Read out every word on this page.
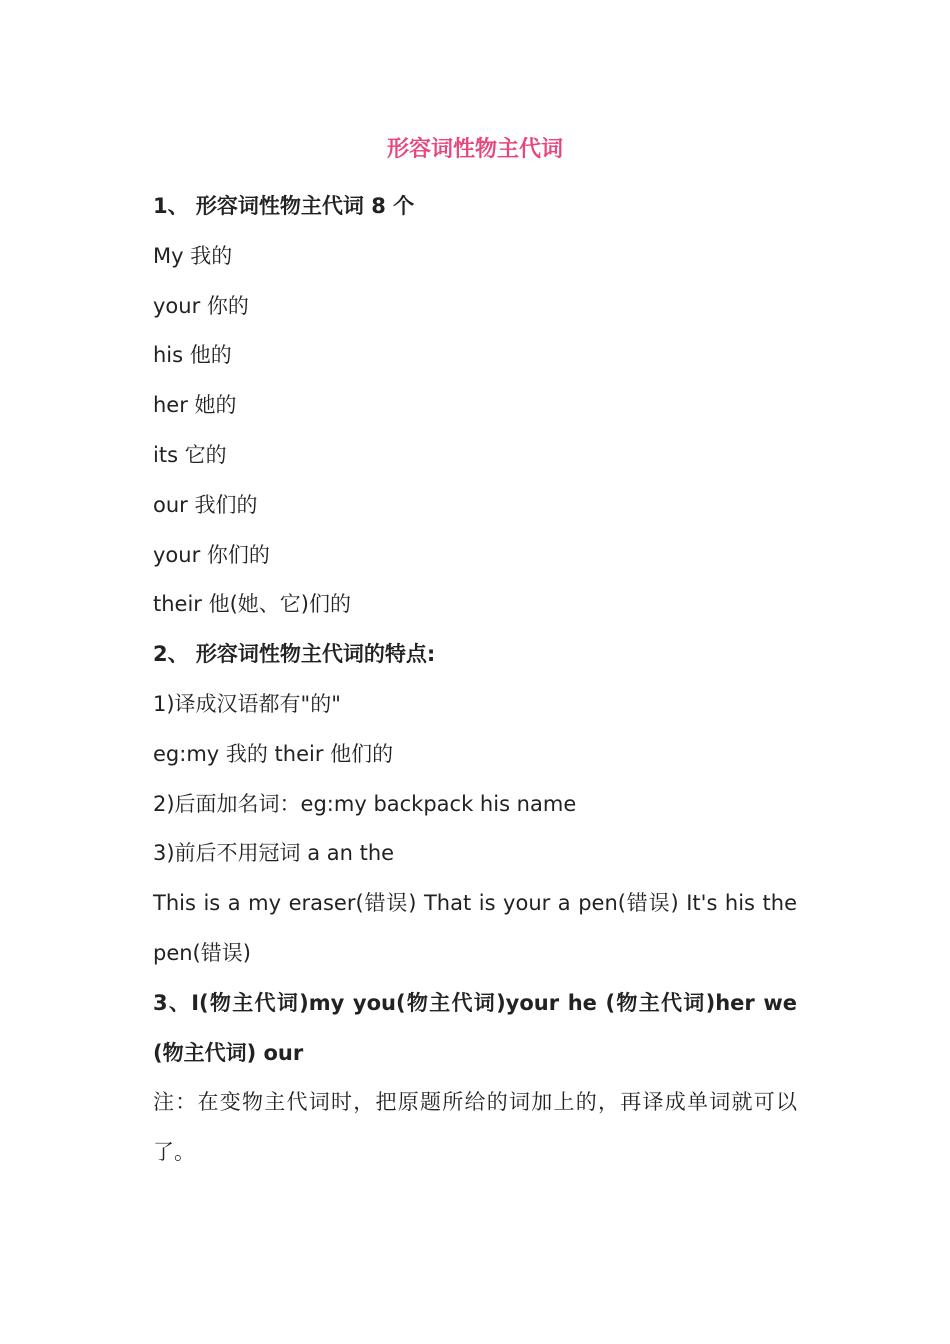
形容词性物主代词

1、 形容词性物主代词 8 个

My 我的

your 你的

his 他的

her 她的

its 它的

our 我们的

your 你们的

their 他(她、它)们的

2、 形容词性物主代词的特点:

1)译成汉语都有"的"

eg:my 我的 their 他们的

2)后面加名词：eg:my backpack his name

3)前后不用冠词 a an the

This is a my eraser(错误) That is your a pen(错误) It's his the pen(错误)

3、I(物主代词)my you(物主代词)your he (物主代词)her we (物主代词) our

注：在变物主代词时，把原题所给的词加上的，再译成单词就可以了。
